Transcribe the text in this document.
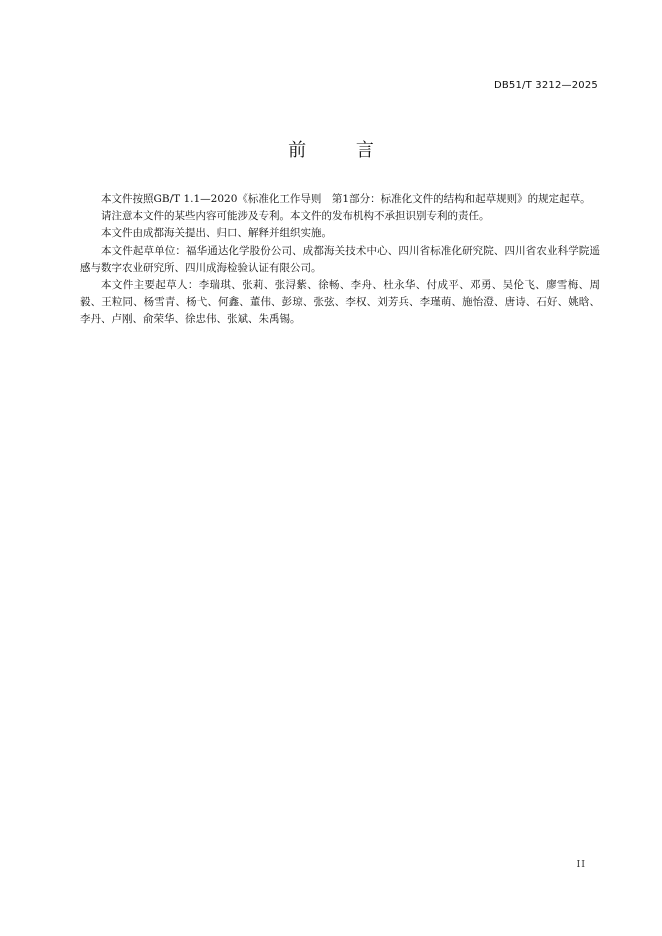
DB51/T 3212—2025
前 言

本文件按照GB/T 1.1—2020《标准化工作导则　第1部分：标准化文件的结构和起草规则》的规定起草。

请注意本文件的某些内容可能涉及专利。本文件的发布机构不承担识别专利的责任。

本文件由成都海关提出、归口、解释并组织实施。

本文件起草单位：福华通达化学股份公司、成都海关技术中心、四川省标准化研究院、四川省农业科学院遥感与数字农业研究所、四川成海检验认证有限公司。

本文件主要起草人：李瑞琪、张莉、张浔紫、徐畅、李舟、杜永华、付成平、邓勇、吴伦飞、廖雪梅、周毅、王粒同、杨雪青、杨弋、何鑫、董伟、彭琼、张弦、李权、刘芳兵、李瑾萌、施怡澄、唐诗、石好、姚晗、李丹、卢刚、俞荣华、徐忠伟、张斌、朱禹锡。

II
